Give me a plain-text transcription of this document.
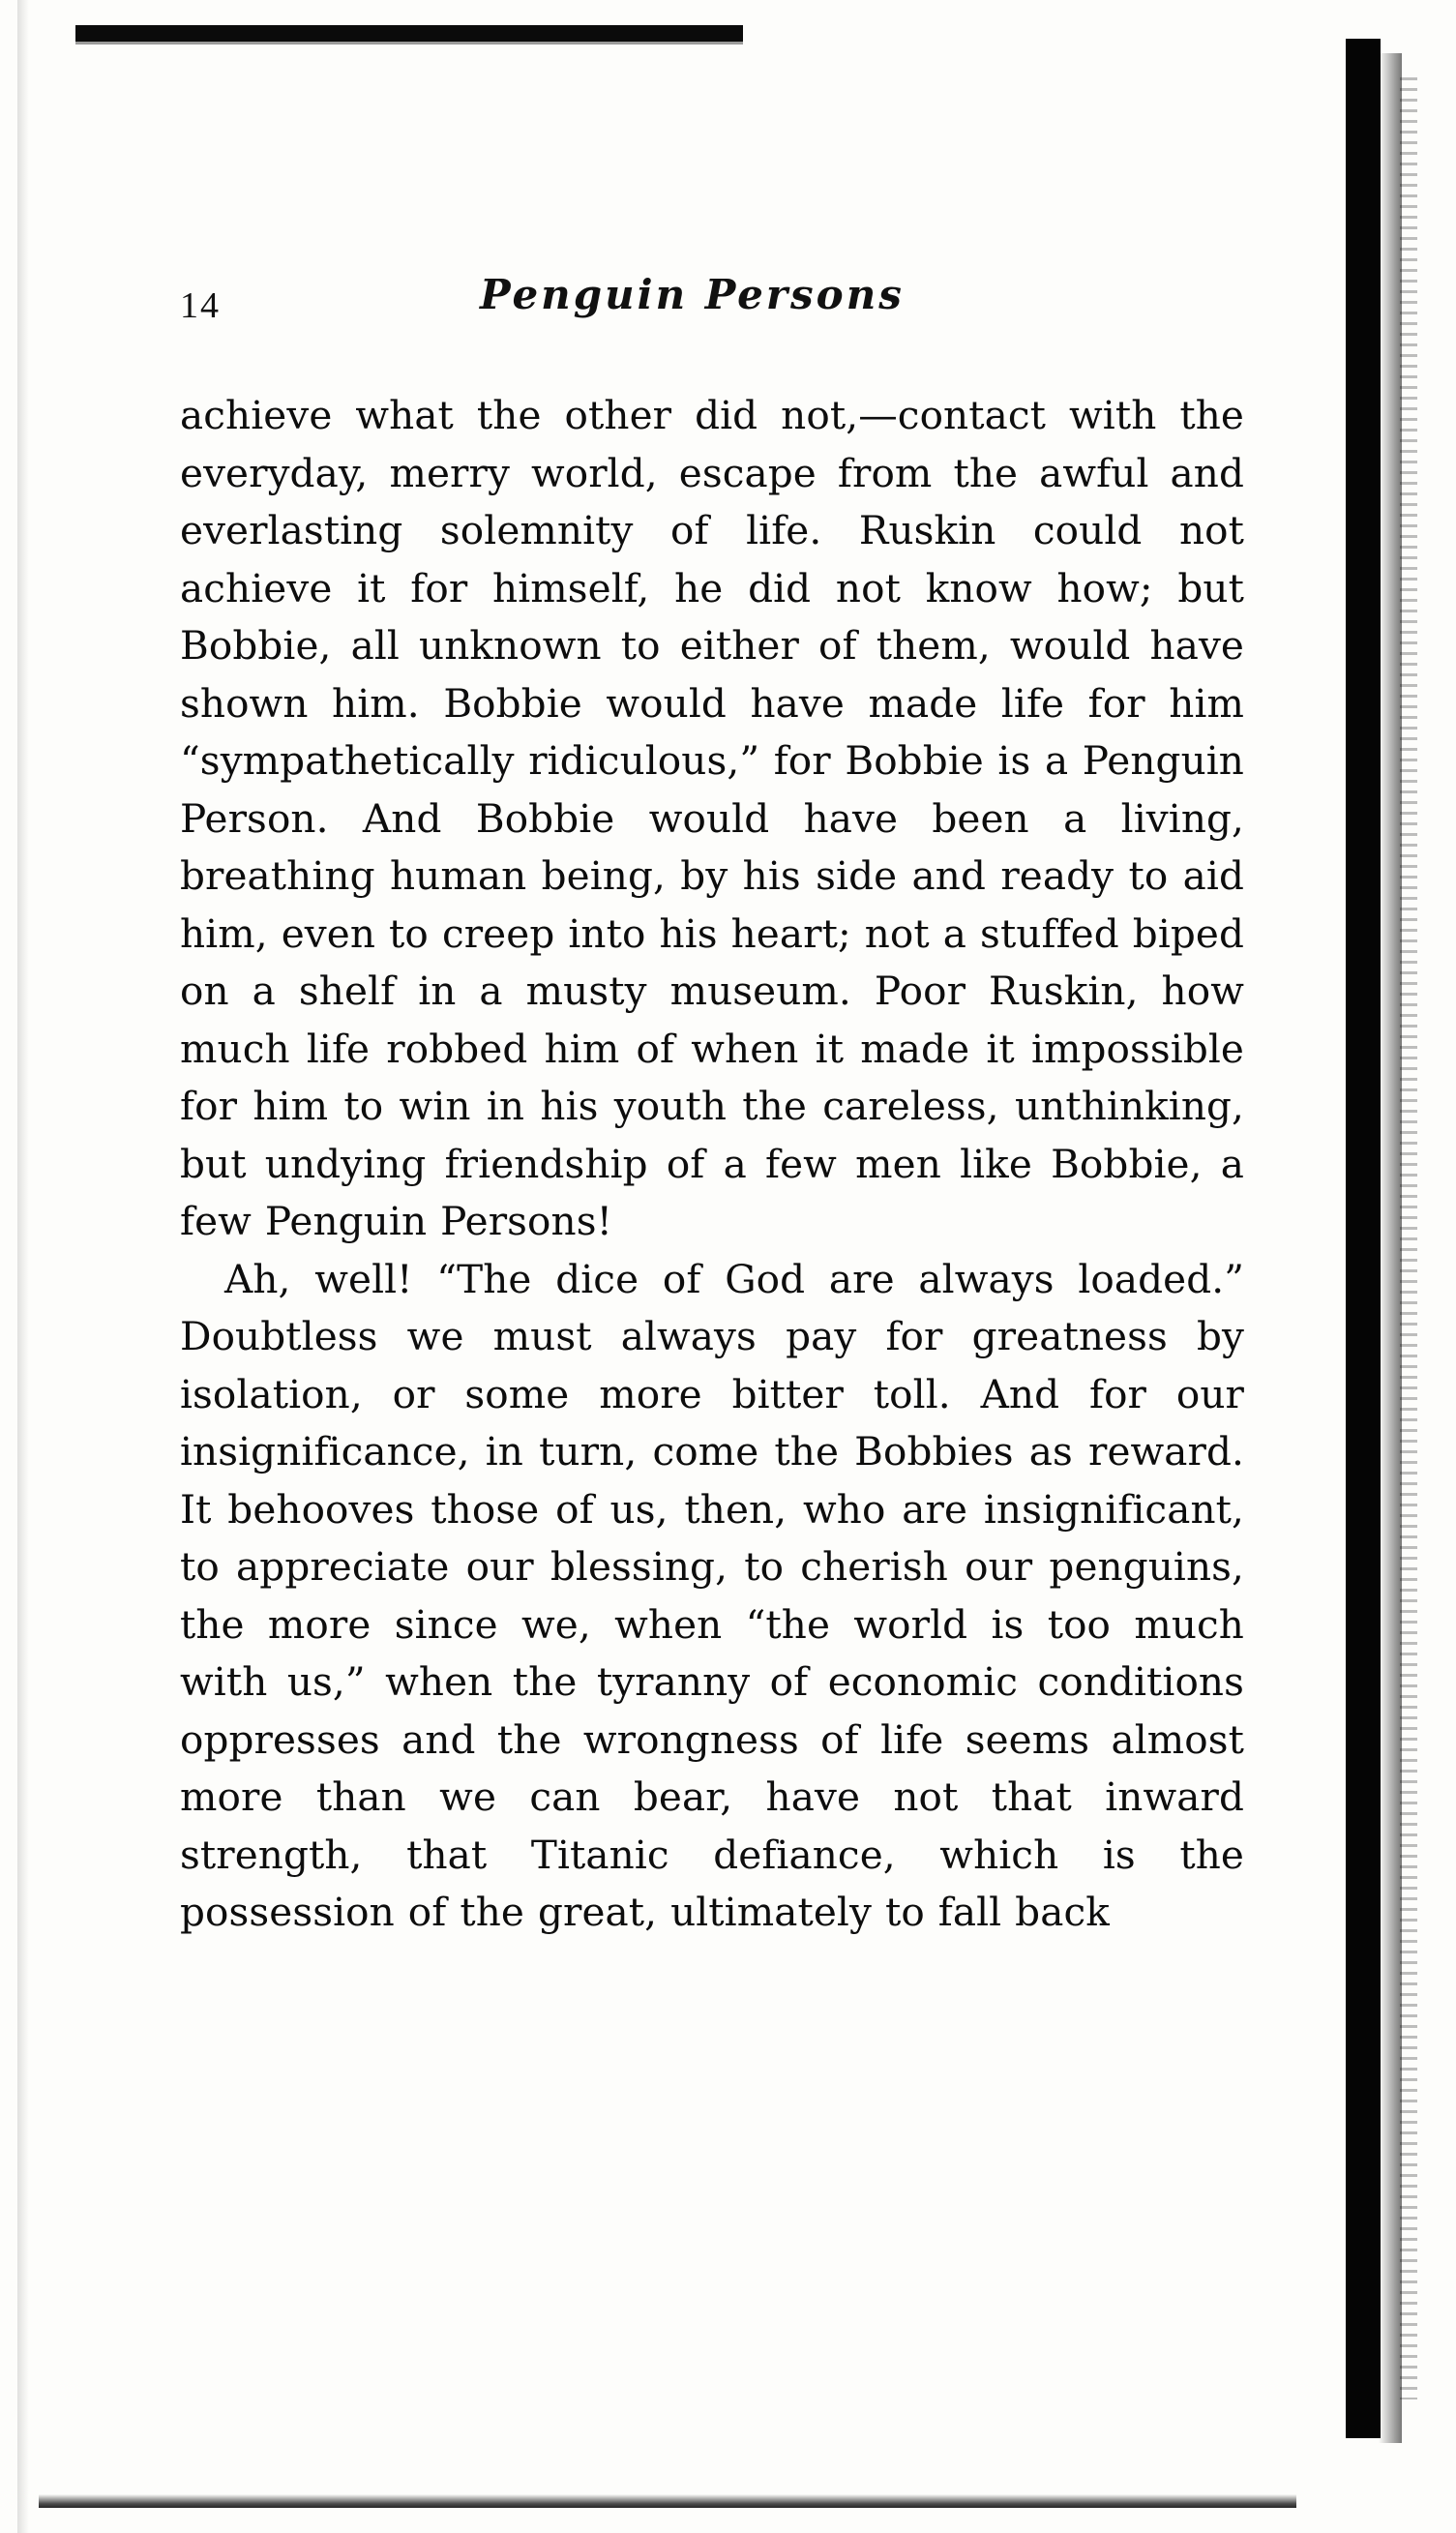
14	Penguin Persons

achieve what the other did not,—contact with the everyday, merry world, escape from the awful and everlasting solemnity of life. Ruskin could not achieve it for himself, he did not know how; but Bobbie, all unknown to either of them, would have shown him. Bobbie would have made life for him “sympathetically ridiculous,” for Bobbie is a Penguin Person. And Bobbie would have been a living, breathing human being, by his side and ready to aid him, even to creep into his heart; not a stuffed biped on a shelf in a musty museum. Poor Ruskin, how much life robbed him of when it made it impossible for him to win in his youth the careless, unthinking, but undying friendship of a few men like Bobbie, a few Penguin Persons!

Ah, well! “The dice of God are always loaded.” Doubtless we must always pay for greatness by isolation, or some more bitter toll. And for our insignificance, in turn, come the Bobbies as reward. It behooves those of us, then, who are insignificant, to appreciate our blessing, to cherish our penguins, the more since we, when “the world is too much with us,” when the tyranny of economic conditions oppresses and the wrongness of life seems almost more than we can bear, have not that inward strength, that Titanic defiance, which is the possession of the great, ultimately to fall back
